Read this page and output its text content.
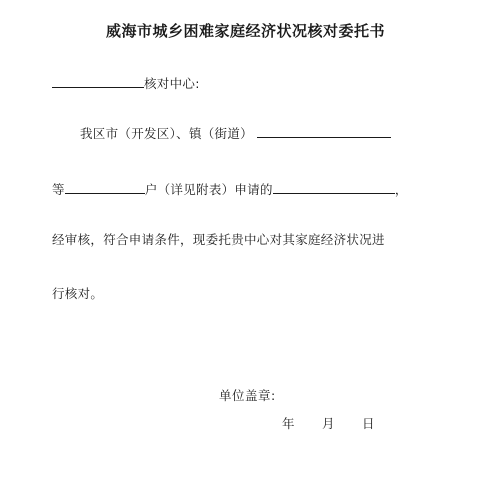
威海市城乡困难家庭经济状况核对委托书
核对中心:
我区市（开发区）、镇（街道）
等	户（详见附表）申请的	，
经审核，符合申请条件，现委托贵中心对其家庭经济状况进
行核对。
单位盖章:
年 月 日
